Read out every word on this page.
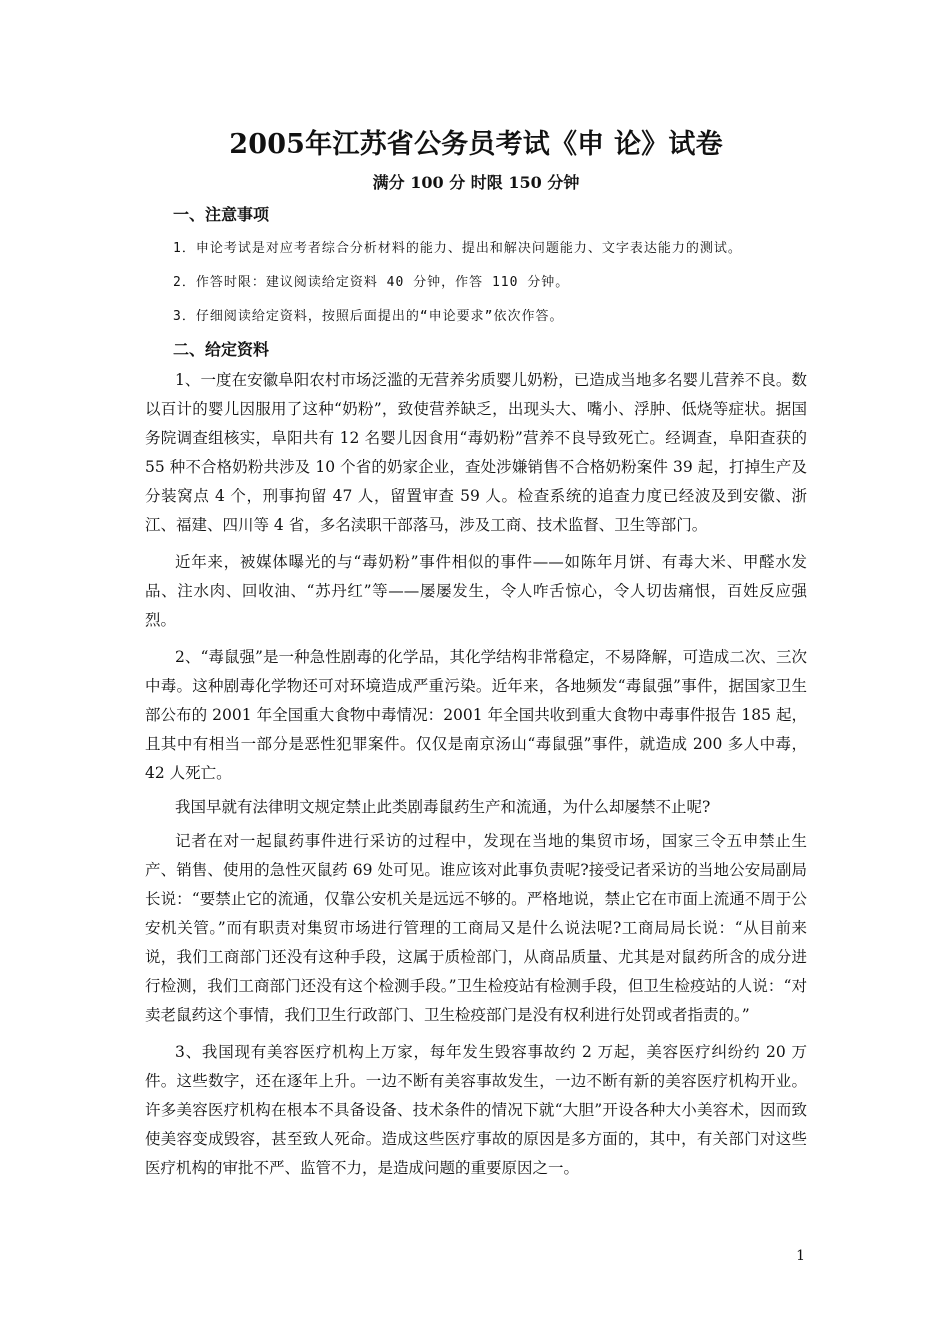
2005年江苏省公务员考试《申 论》试卷
满分 100 分 时限 150 分钟
一、注意事项

1．申论考试是对应考者综合分析材料的能力、提出和解决问题能力、文字表达能力的测试。

2．作答时限：建议阅读给定资料 40 分钟，作答 110 分钟。

3．仔细阅读给定资料，按照后面提出的“申论要求”依次作答。

二、给定资料

1、一度在安徽阜阳农村市场泛滥的无营养劣质婴儿奶粉，已造成当地多名婴儿营养不良。数以百计的婴儿因服用了这种“奶粉”，致使营养缺乏，出现头大、嘴小、浮肿、低烧等症状。据国务院调查组核实，阜阳共有 12 名婴儿因食用“毒奶粉”营养不良导致死亡。经调查，阜阳查获的 55 种不合格奶粉共涉及 10 个省的奶家企业，查处涉嫌销售不合格奶粉案件 39 起，打掉生产及分装窝点 4 个，刑事拘留 47 人，留置审查 59 人。检查系统的追查力度已经波及到安徽、浙江、福建、四川等 4 省，多名渎职干部落马，涉及工商、技术监督、卫生等部门。

近年来，被媒体曝光的与“毒奶粉”事件相似的事件——如陈年月饼、有毒大米、甲醛水发品、注水肉、回收油、“苏丹红”等——屡屡发生，令人咋舌惊心，令人切齿痛恨，百姓反应强烈。

2、“毒鼠强”是一种急性剧毒的化学品，其化学结构非常稳定，不易降解，可造成二次、三次中毒。这种剧毒化学物还可对环境造成严重污染。近年来，各地频发“毒鼠强”事件，据国家卫生部公布的 2001 年全国重大食物中毒情况：2001 年全国共收到重大食物中毒事件报告 185 起，且其中有相当一部分是恶性犯罪案件。仅仅是南京汤山“毒鼠强”事件，就造成 200 多人中毒，42 人死亡。

我国早就有法律明文规定禁止此类剧毒鼠药生产和流通，为什么却屡禁不止呢?

记者在对一起鼠药事件进行采访的过程中，发现在当地的集贸市场，国家三令五申禁止生产、销售、使用的急性灭鼠药 69 处可见。谁应该对此事负责呢?接受记者采访的当地公安局副局长说：“要禁止它的流通，仅靠公安机关是远远不够的。严格地说，禁止它在市面上流通不周于公安机关管。”而有职责对集贸市场进行管理的工商局又是什么说法呢?工商局局长说：“从目前来说，我们工商部门还没有这种手段，这属于质检部门，从商品质量、尤其是对鼠药所含的成分进行检测，我们工商部门还没有这个检测手段。”卫生检疫站有检测手段，但卫生检疫站的人说：“对卖老鼠药这个事情，我们卫生行政部门、卫生检疫部门是没有权利进行处罚或者指责的。”

3、我国现有美容医疗机构上万家，每年发生毁容事故约 2 万起，美容医疗纠纷约 20 万件。这些数字，还在逐年上升。一边不断有美容事故发生，一边不断有新的美容医疗机构开业。许多美容医疗机构在根本不具备设备、技术条件的情况下就“大胆”开设各种大小美容术，因而致使美容变成毁容，甚至致人死命。造成这些医疗事故的原因是多方面的，其中，有关部门对这些医疗机构的审批不严、监管不力，是造成问题的重要原因之一。

1
